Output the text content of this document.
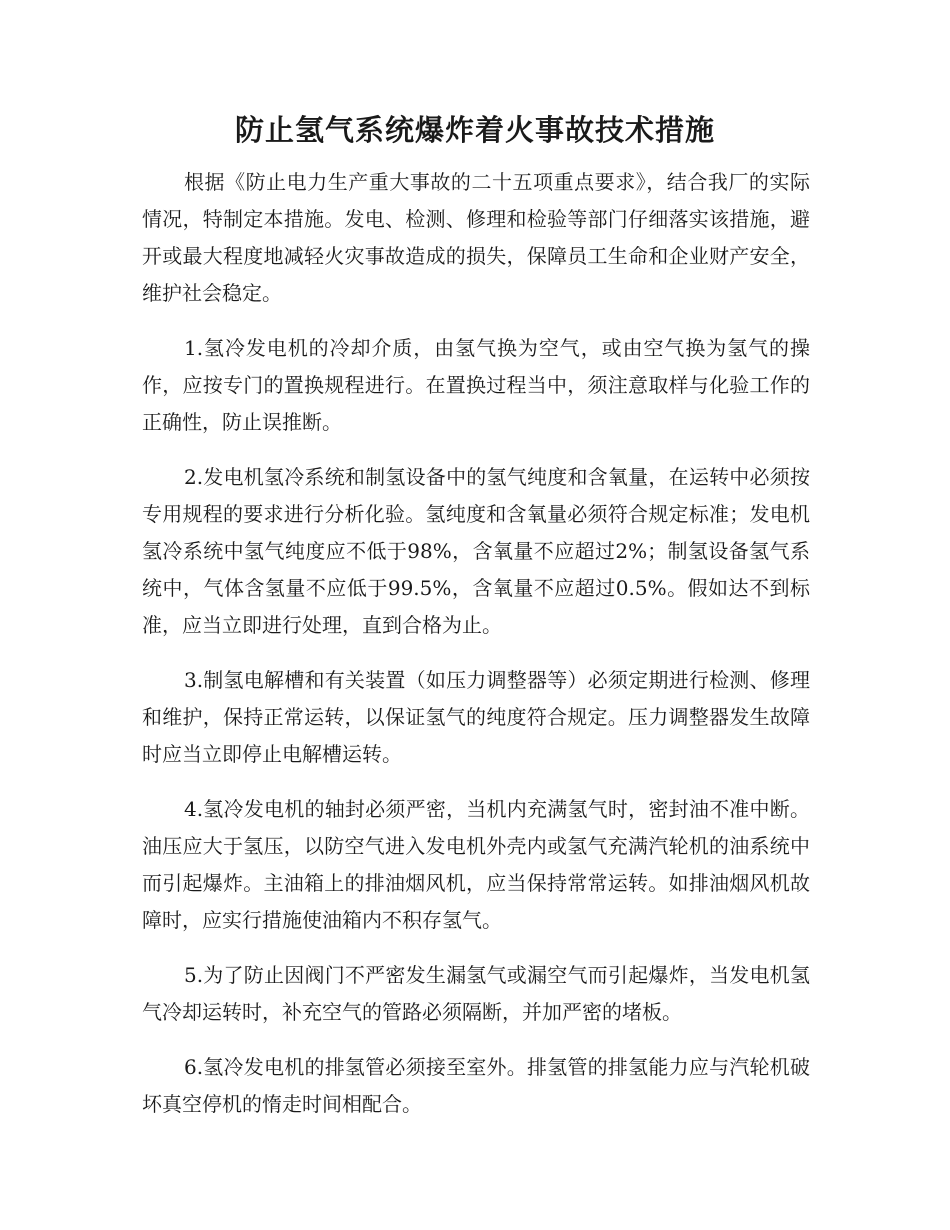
防止氢气系统爆炸着火事故技术措施

根据《防止电力生产重大事故的二十五项重点要求》，结合我厂的实际情况，特制定本措施。发电、检测、修理和检验等部门仔细落实该措施，避开或最大程度地减轻火灾事故造成的损失，保障员工生命和企业财产安全，维护社会稳定。

1.氢冷发电机的冷却介质，由氢气换为空气，或由空气换为氢气的操作，应按专门的置换规程进行。在置换过程当中，须注意取样与化验工作的正确性，防止误推断。

2.发电机氢冷系统和制氢设备中的氢气纯度和含氧量，在运转中必须按专用规程的要求进行分析化验。氢纯度和含氧量必须符合规定标准；发电机氢冷系统中氢气纯度应不低于98%，含氧量不应超过2%；制氢设备氢气系统中，气体含氢量不应低于99.5%，含氧量不应超过0.5%。假如达不到标准，应当立即进行处理，直到合格为止。

3.制氢电解槽和有关装置（如压力调整器等）必须定期进行检测、修理和维护，保持正常运转，以保证氢气的纯度符合规定。压力调整器发生故障时应当立即停止电解槽运转。

4.氢冷发电机的轴封必须严密，当机内充满氢气时，密封油不准中断。油压应大于氢压，以防空气进入发电机外壳内或氢气充满汽轮机的油系统中而引起爆炸。主油箱上的排油烟风机，应当保持常常运转。如排油烟风机故障时，应实行措施使油箱内不积存氢气。

5.为了防止因阀门不严密发生漏氢气或漏空气而引起爆炸，当发电机氢气冷却运转时，补充空气的管路必须隔断，并加严密的堵板。

6.氢冷发电机的排氢管必须接至室外。排氢管的排氢能力应与汽轮机破坏真空停机的惰走时间相配合。
